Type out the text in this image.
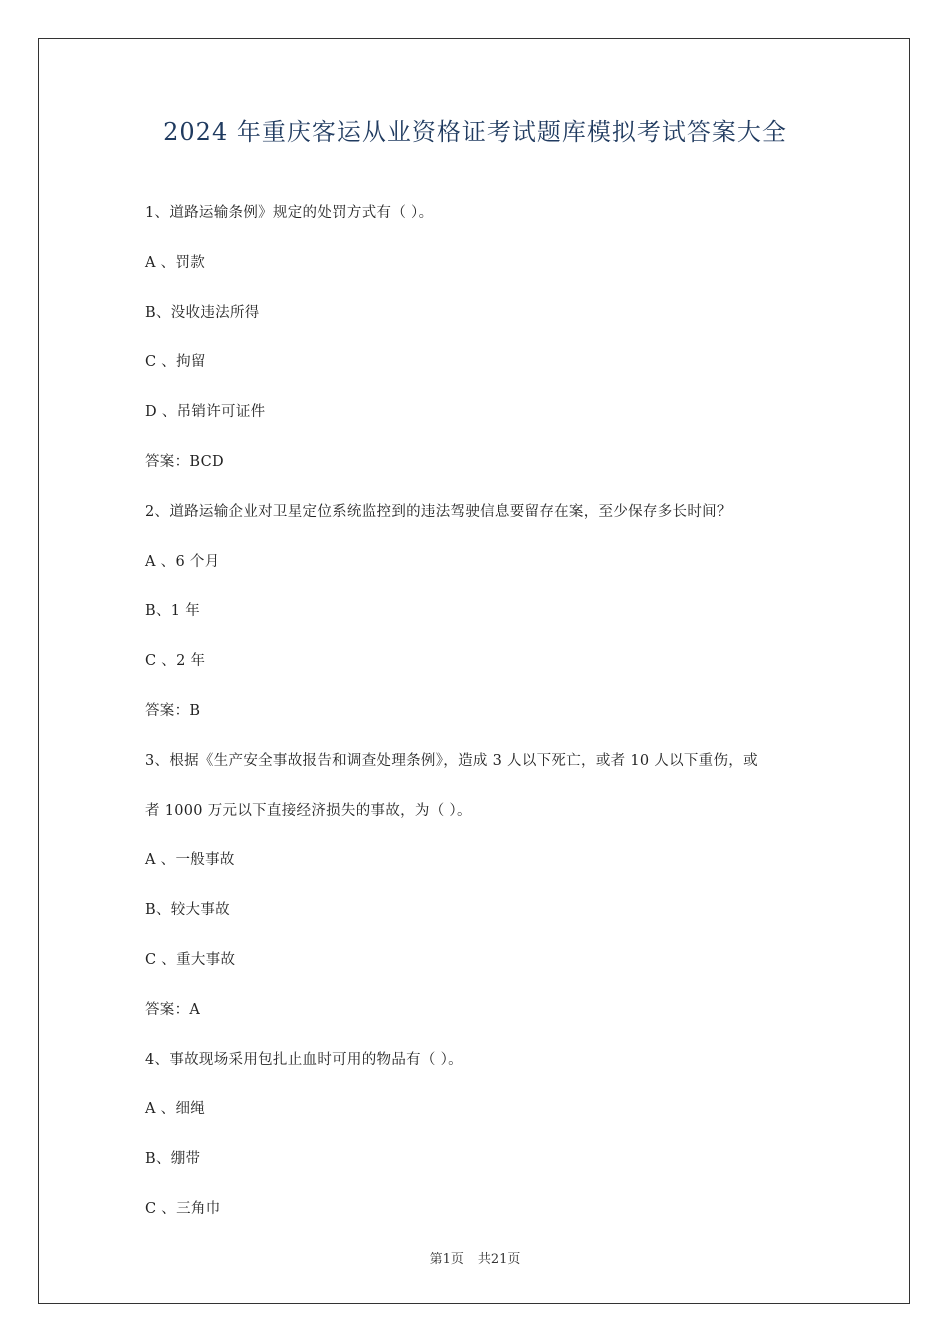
2024 年重庆客运从业资格证考试题库模拟考试答案大全
1、道路运输条例》规定的处罚方式有（ ）。
A 、罚款
B、没收违法所得
C 、拘留
D 、吊销许可证件
答案：BCD
2、道路运输企业对卫星定位系统监控到的违法驾驶信息要留存在案，至少保存多长时间？
A 、6 个月
B、1 年
C 、2 年
答案：B
3、根据《生产安全事故报告和调查处理条例》，造成 3 人以下死亡，或者 10 人以下重伤，或
者 1000 万元以下直接经济损失的事故，为（ ）。
A 、一般事故
B、较大事故
C 、重大事故
答案：A
4、事故现场采用包扎止血时可用的物品有（ ）。
A 、细绳
B、绷带
C 、三角巾
第1页 共21页
